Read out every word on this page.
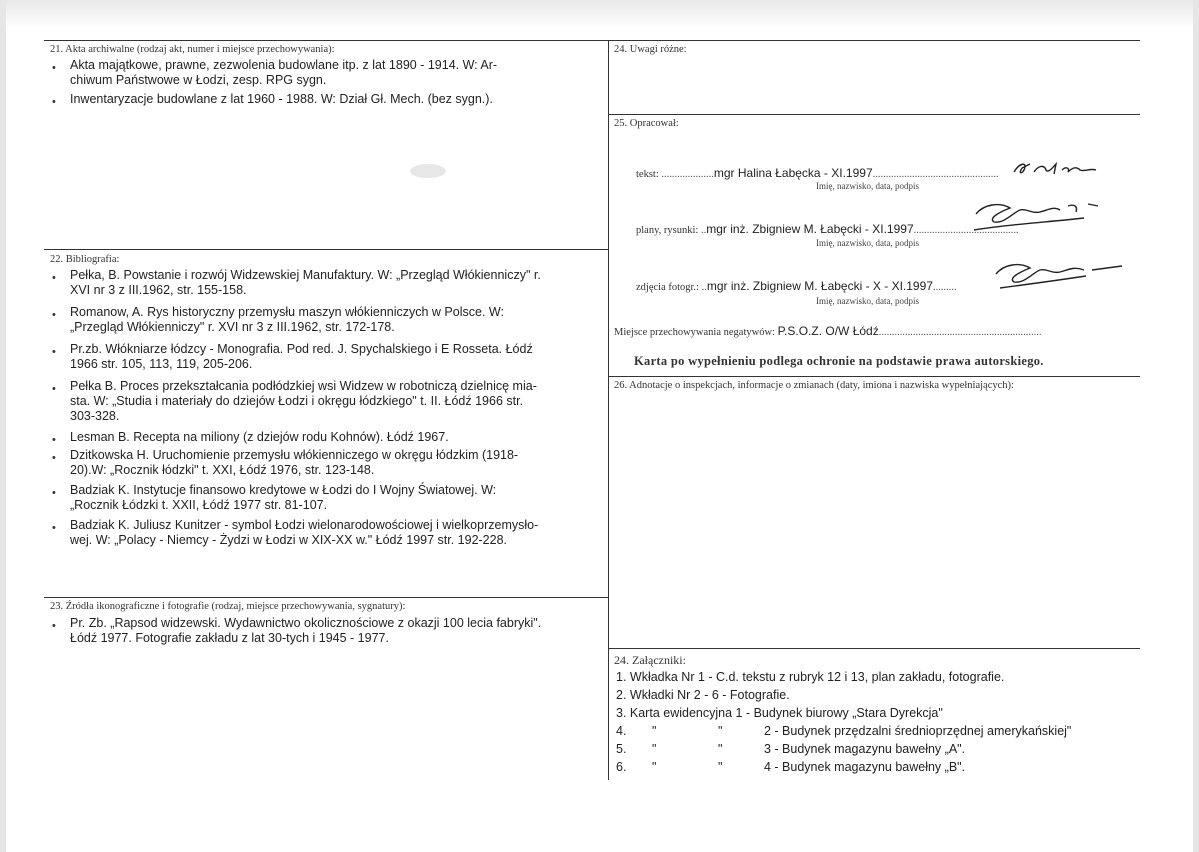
21. Akta archiwalne (rodzaj akt, numer i miejsce przechowywania):
• Akta majątkowe, prawne, zezwolenia budowlane itp. z lat 1890 - 1914. W: Ar-
chiwum Państwowe w Łodzi, zesp. RPG sygn.
• Inwentaryzacje budowlane z lat 1960 - 1988. W: Dział Gł. Mech. (bez sygn.).
22. Bibliografia:
• Pełka, B. Powstanie i rozwój Widzewskiej Manufaktury. W: „Przegląd Włókienniczy" r.
XVI nr 3 z III.1962, str. 155-158.
• Romanow, A. Rys historyczny przemysłu maszyn włókienniczych w Polsce. W:
„Przegląd Włókienniczy" r. XVI nr 3 z III.1962, str. 172-178.
• Pr.zb. Włókniarze łódzcy - Monografia. Pod red. J. Spychalskiego i E Rosseta. Łódź
1966 str. 105, 113, 119, 205-206.
• Pełka B. Proces przekształcania podłódzkiej wsi Widzew w robotniczą dzielnicę mia-
sta. W: „Studia i materiały do dziejów Łodzi i okręgu łódzkiego" t. II. Łódź 1966 str.
303-328.
• Lesman B. Recepta na miliony (z dziejów rodu Kohnów). Łódź 1967.
• Dzitkowska H. Uruchomienie przemysłu włókienniczego w okręgu łódzkim (1918-
20).W: „Rocznik łódzki" t. XXI, Łódź 1976, str. 123-148.
• Badziak K. Instytucje finansowo kredytowe w Łodzi do I Wojny Światowej. W:
„Rocznik Łódzki t. XXII, Łódź 1977 str. 81-107.
• Badziak K. Juliusz Kunitzer - symbol Łodzi wielonarodowościowej i wielkoprzemysło-
wej. W: „Polacy - Niemcy - Żydzi w Łodzi w XIX-XX w." Łódź 1997 str. 192-228.
23. Źródła ikonograficzne i fotografie (rodzaj, miejsce przechowywania, sygnatury):
• Pr. Zb. „Rapsod widzewski. Wydawnictwo okolicznościowe z okazji 100 lecia fabryki".
Łódź 1977. Fotografie zakładu z lat 30-tych i 1945 - 1977.
24. Uwagi różne:
25. Opracował:
tekst: ....................mgr Halina Łabęcka - XI.1997................................................
Imię, nazwisko, data, podpis
plany, rysunki: ..mgr inż. Zbigniew M. Łabęcki - XI.1997........................................
Imię, nazwisko, data, podpis
zdjęcia fotogr.: ..mgr inż. Zbigniew M. Łabęcki - X - XI.1997.........
Imię, nazwisko, data, podpis
Miejsce przechowywania negatywów: P.S.O.Z. O/W Łódź..............................................................
Karta po wypełnieniu podlega ochronie na podstawie prawa autorskiego.
26. Adnotacje o inspekcjach, informacje o zmianach (daty, imiona i nazwiska wypełniających):
24. Załączniki:
1. Wkładka Nr 1 - C.d. tekstu z rubryk 12 i 13, plan zakładu, fotografie.
2. Wkładki Nr 2 - 6 - Fotografie.
3. Karta ewidencyjna 1 - Budynek biurowy „Stara Dyrekcja"
4. "	"	2 - Budynek przędzalni średnioprzędnej amerykańskiej"
5. "	"	3 - Budynek magazynu bawełny „A".
6. "	"	4 - Budynek magazynu bawełny „B".
